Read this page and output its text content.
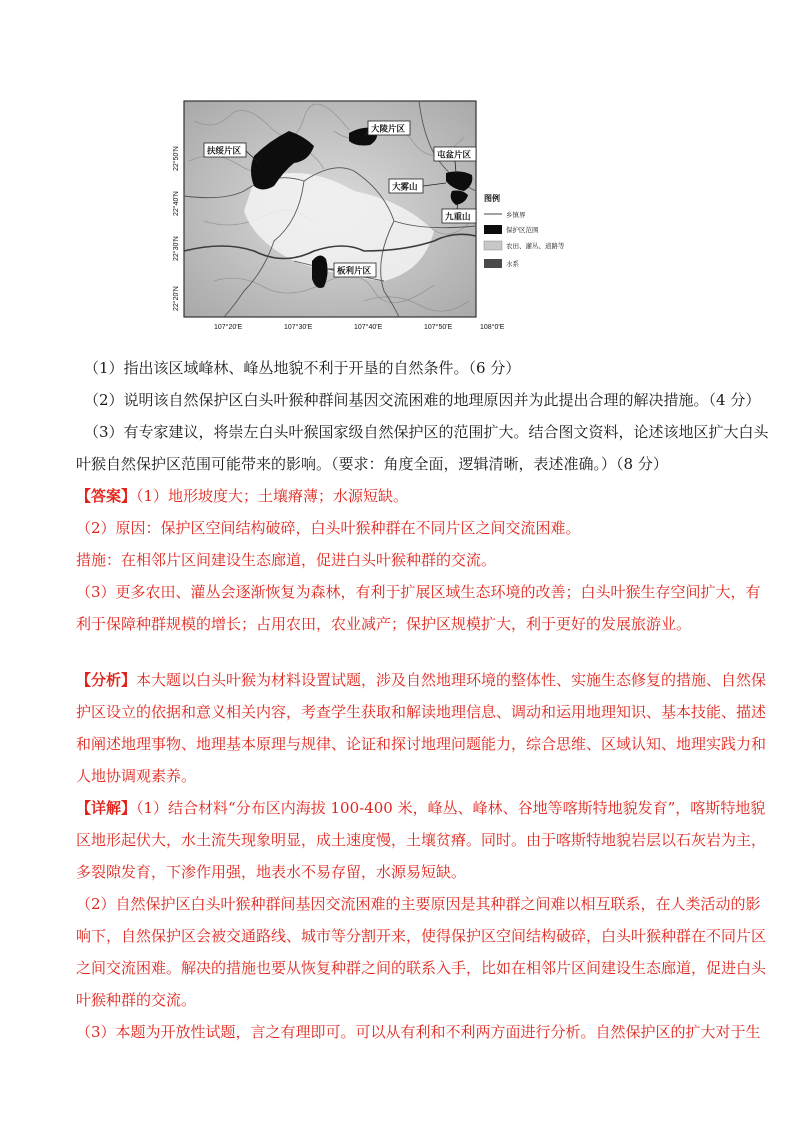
扶绥片区
大陵片区
屯盆片区
大雾山
九重山
板利片区
22°50'N
22°40'N
22°30'N
22°20'N
107°20'E	107°30'E	107°40'E	107°50'E	108°0'E
图例
乡镇界
保护区范围
农田、灌丛、道路等
水系
（1）指出该区域峰林、峰丛地貌不利于开垦的自然条件。（6 分）
（2）说明该自然保护区白头叶猴种群间基因交流困难的地理原因并为此提出合理的解决措施。（4 分）
（3）有专家建议，将崇左白头叶猴国家级自然保护区的范围扩大。结合图文资料，论述该地区扩大白头
叶猴自然保护区范围可能带来的影响。（要求：角度全面，逻辑清晰，表述准确。）（8 分）
【答案】（1）地形坡度大；土壤瘠薄；水源短缺。
（2）原因：保护区空间结构破碎，白头叶猴种群在不同片区之间交流困难。
措施：在相邻片区间建设生态廊道，促进白头叶猴种群的交流。
（3）更多农田、灌丛会逐渐恢复为森林，有利于扩展区域生态环境的改善；白头叶猴生存空间扩大，有
利于保障种群规模的增长；占用农田，农业减产；保护区规模扩大，利于更好的发展旅游业。
【分析】本大题以白头叶猴为材料设置试题，涉及自然地理环境的整体性、实施生态修复的措施、自然保
护区设立的依据和意义相关内容，考查学生获取和解读地理信息、调动和运用地理知识、基本技能、描述
和阐述地理事物、地理基本原理与规律、论证和探讨地理问题能力，综合思维、区域认知、地理实践力和
人地协调观素养。
【详解】（1）结合材料“分布区内海拔 100-400 米，峰丛、峰林、谷地等喀斯特地貌发育”，喀斯特地貌
区地形起伏大，水土流失现象明显，成土速度慢，土壤贫瘠。同时。由于喀斯特地貌岩层以石灰岩为主，
多裂隙发育，下渗作用强，地表水不易存留，水源易短缺。
（2）自然保护区白头叶猴种群间基因交流困难的主要原因是其种群之间难以相互联系，在人类活动的影
响下，自然保护区会被交通路线、城市等分割开来，使得保护区空间结构破碎，白头叶猴种群在不同片区
之间交流困难。解决的措施也要从恢复种群之间的联系入手，比如在相邻片区间建设生态廊道，促进白头
叶猴种群的交流。
（3）本题为开放性试题，言之有理即可。可以从有利和不利两方面进行分析。自然保护区的扩大对于生
